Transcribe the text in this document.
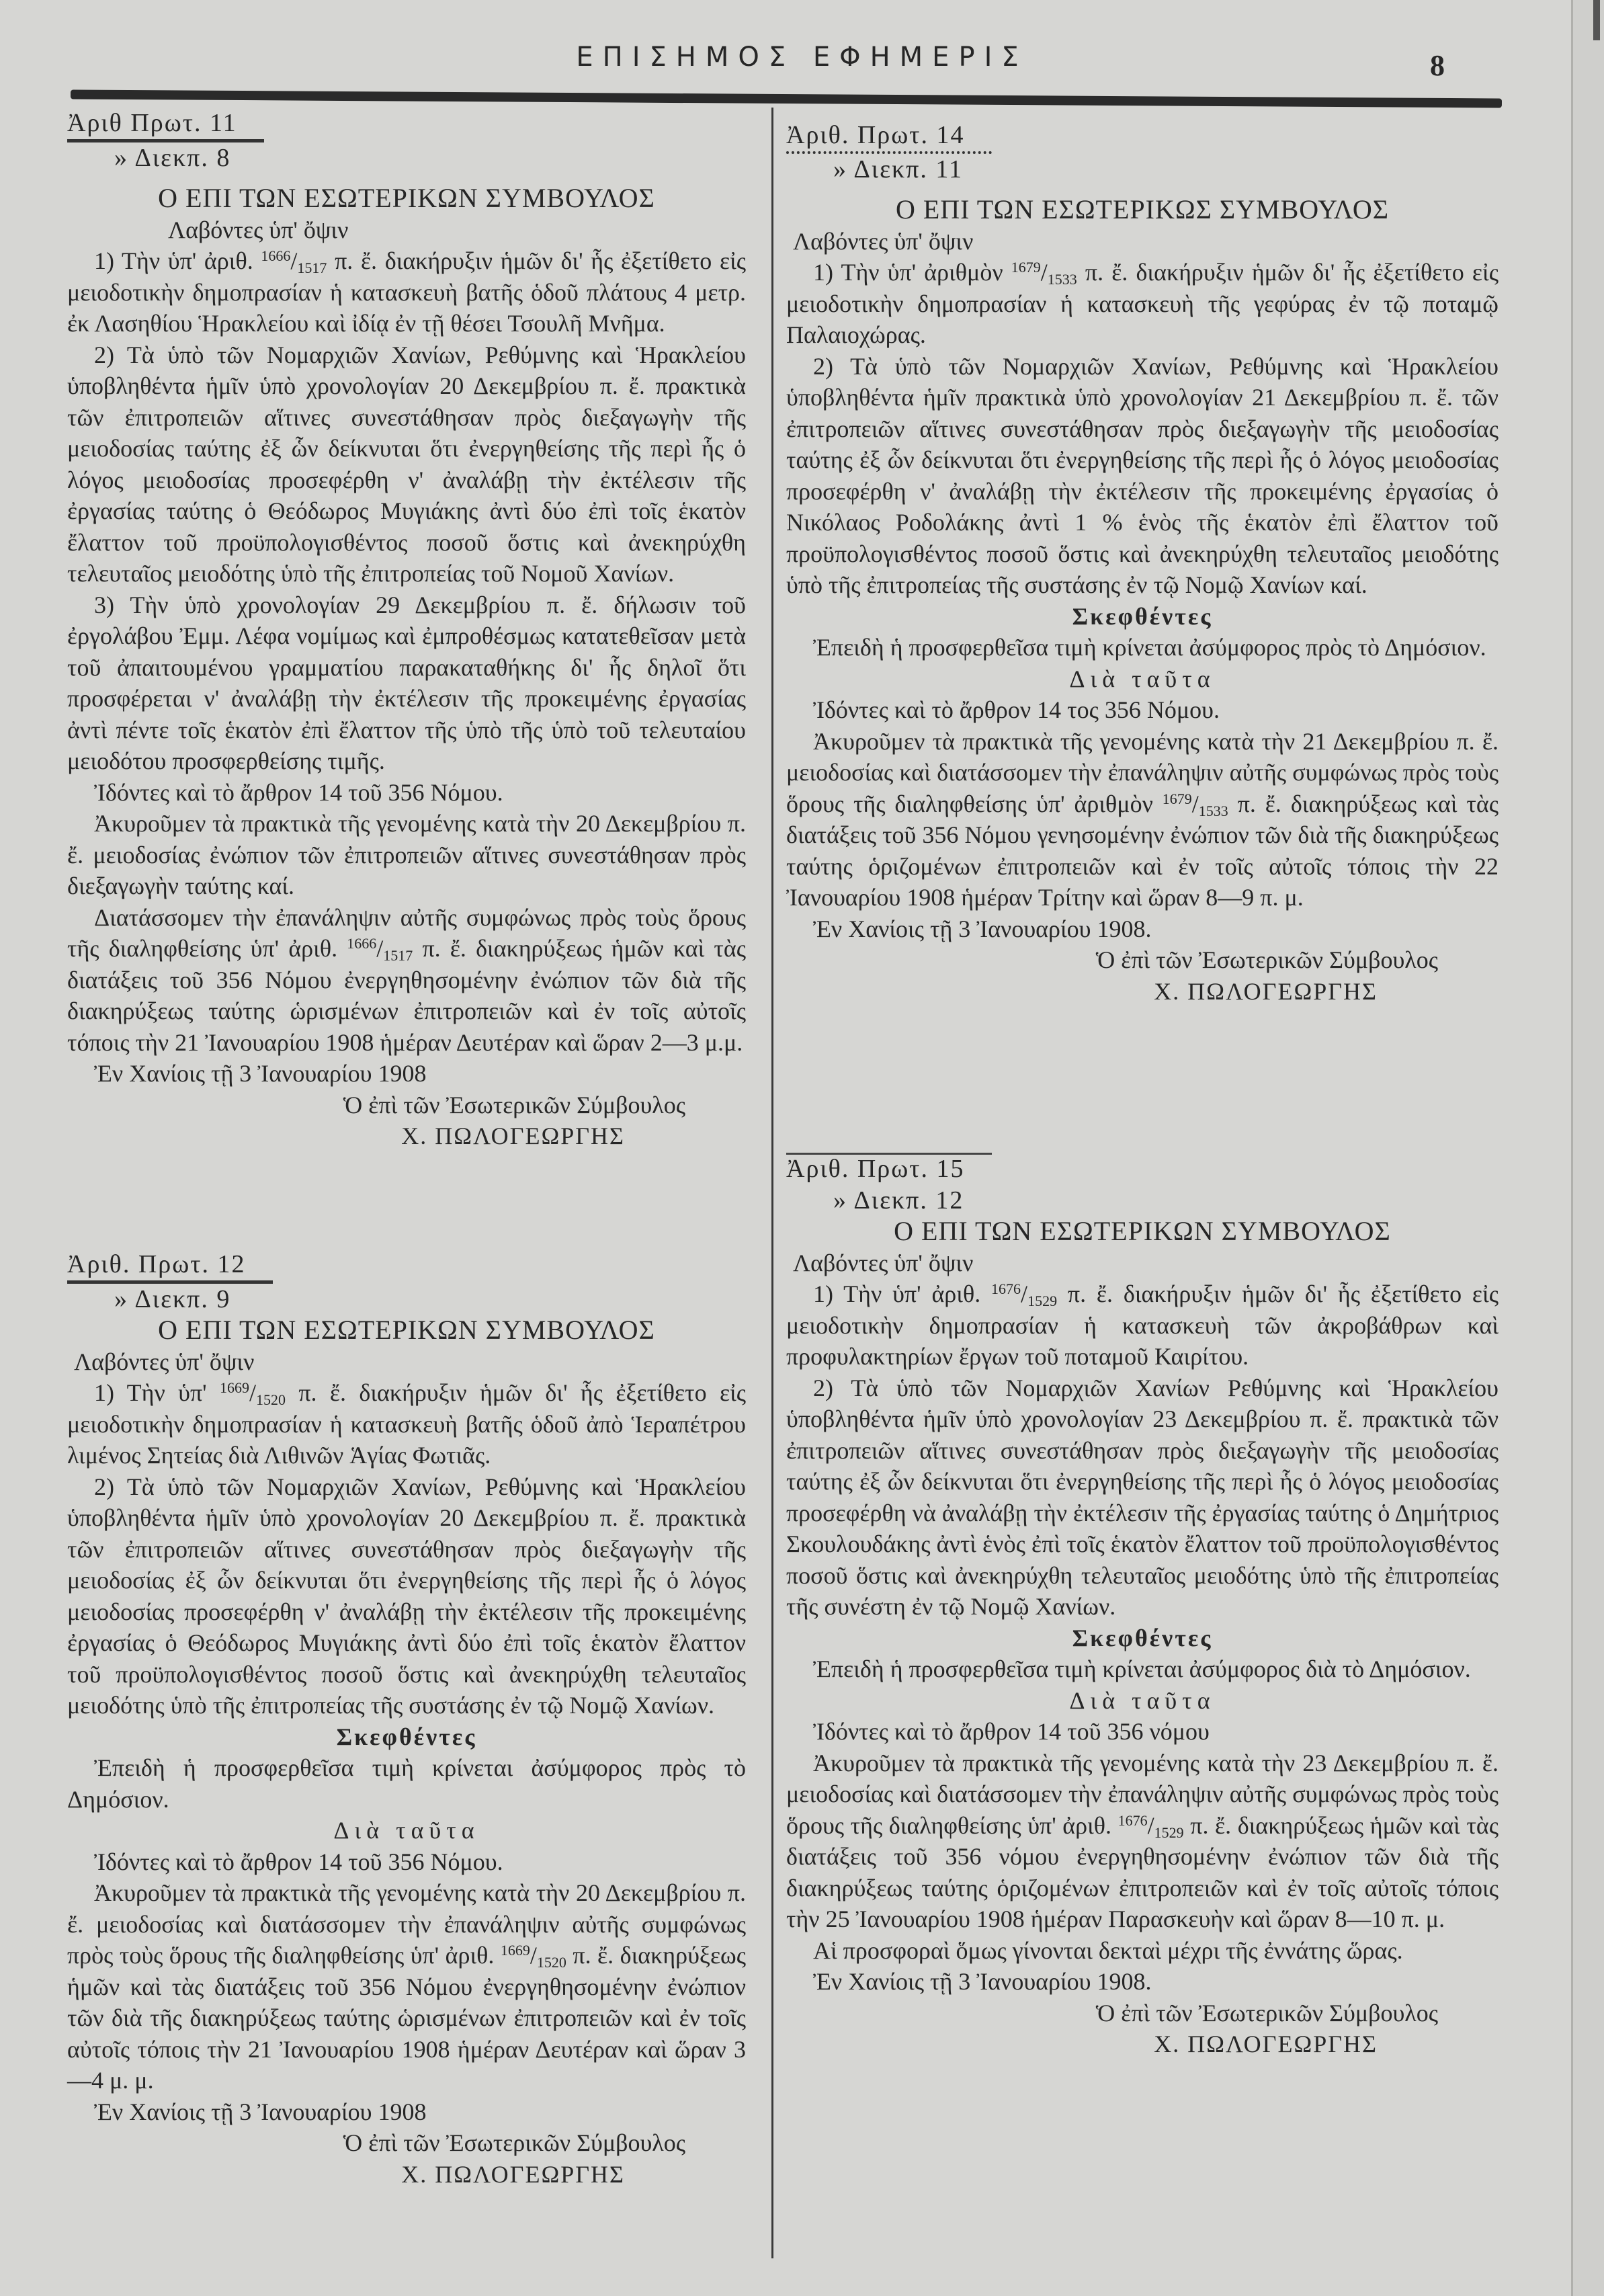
ΕΠΙΣΗΜΟΣ ΕΦΗΜΕΡΙΣ	8
Ἀριθ Πρωτ. 11
» Διεκπ. 8
Ο ΕΠΙ ΤΩΝ ΕΣΩΤΕΡΙΚΩΝ ΣΥΜΒΟΥΛΟΣ
Λαβόντες ὑπ' ὄψιν

1) Τὴν ὑπ' ἀριθ. $^{1666}/_{1517}$ π. ἔ. διακήρυξιν ἡμῶν δι' ἧς ἐξετίθετο εἰς μειοδοτικὴν δημοπρασίαν ἡ κατασκευὴ βατῆς ὁδοῦ πλάτους 4 μετρ. ἐκ Λασηθίου Ἡρακλείου καὶ ἰδίᾳ ἐν τῇ θέσει Τσουλῆ Μνῆμα.

2) Τὰ ὑπὸ τῶν Νομαρχιῶν Χανίων, Ρεθύμνης καὶ Ἡρακλείου ὑποβληθέντα ἡμῖν ὑπὸ χρονολογίαν 20 Δεκεμβρίου π. ἔ. πρακτικὰ τῶν ἐπιτροπειῶν αἵτινες συνεστάθησαν πρὸς διεξαγωγὴν τῆς μειοδοσίας ταύτης ἐξ ὧν δείκνυται ὅτι ἐνεργηθείσης τῆς περὶ ἧς ὁ λόγος μειοδοσίας προσεφέρθη ν' ἀναλάβῃ τὴν ἐκτέλεσιν τῆς ἐργασίας ταύτης ὁ Θεόδωρος Μυγιάκης ἀντὶ δύο ἐπὶ τοῖς ἑκατὸν ἔλαττον τοῦ προϋπολογισθέντος ποσοῦ ὅστις καὶ ἀνεκηρύχθη τελευταῖος μειοδότης ὑπὸ τῆς ἐπιτροπείας τοῦ Νομοῦ Χανίων.

3) Τὴν ὑπὸ χρονολογίαν 29 Δεκεμβρίου π. ἔ. δήλωσιν τοῦ ἐργολάβου Ἐμμ. Λέφα νομίμως καὶ ἐμπροθέσμως κατατεθεῖσαν μετὰ τοῦ ἀπαιτουμένου γραμματίου παρακαταθήκης δι' ἧς δηλοῖ ὅτι προσφέρεται ν' ἀναλάβῃ τὴν ἐκτέλεσιν τῆς προκειμένης ἐργασίας ἀντὶ πέντε τοῖς ἑκατὸν ἐπὶ ἔλαττον τῆς ὑπὸ τῆς ὑπὸ τοῦ τελευταίου μειοδότου προσφερθείσης τιμῆς.

Ἰδόντες καὶ τὸ ἄρθρον 14 τοῦ 356 Νόμου.

Ἀκυροῦμεν τὰ πρακτικὰ τῆς γενομένης κατὰ τὴν 20 Δεκεμβρίου π. ἔ. μειοδοσίας ἐνώπιον τῶν ἐπιτροπειῶν αἵτινες συνεστάθησαν πρὸς διεξαγωγὴν ταύτης καί.

Διατάσσομεν τὴν ἐπανάληψιν αὐτῆς συμφώνως πρὸς τοὺς ὅρους τῆς διαληφθείσης ὑπ' ἀριθ. $^{1666}/_{1517}$ π. ἔ. διακηρύξεως ἡμῶν καὶ τὰς διατάξεις τοῦ 356 Νόμου ἐνεργηθησομένην ἐνώπιον τῶν διὰ τῆς διακηρύξεως ταύτης ὡρισμένων ἐπιτροπειῶν καὶ ἐν τοῖς αὐτοῖς τόποις τὴν 21 Ἰανουαρίου 1908 ἡμέραν Δευτέραν καὶ ὥραν 2—3 μ.μ.

Ἐν Χανίοις τῇ 3 Ἰανουαρίου 1908

Ὁ ἐπὶ τῶν Ἐσωτερικῶν Σύμβουλος

Χ. ΠΩΛΟΓΕΩΡΓΗΣ

Ἀριθ. Πρωτ. 12
» Διεκπ. 9
Ο ΕΠΙ ΤΩΝ ΕΣΩΤΕΡΙΚΩΝ ΣΥΜΒΟΥΛΟΣ
Λαβόντες ὑπ' ὄψιν

1) Τὴν ὑπ' $^{1669}/_{1520}$ π. ἔ. διακήρυξιν ἡμῶν δι' ἧς ἐξετίθετο εἰς μειοδοτικὴν δημοπρασίαν ἡ κατασκευὴ βατῆς ὁδοῦ ἀπὸ Ἱεραπέτρου λιμένος Σητείας διὰ Λιθινῶν Ἁγίας Φωτιᾶς.

2) Τὰ ὑπὸ τῶν Νομαρχιῶν Χανίων, Ρεθύμνης καὶ Ἡρακλείου ὑποβληθέντα ἡμῖν ὑπὸ χρονολογίαν 20 Δεκεμβρίου π. ἔ. πρακτικὰ τῶν ἐπιτροπειῶν αἵτινες συνεστάθησαν πρὸς διεξαγωγὴν τῆς μειοδοσίας ἐξ ὧν δείκνυται ὅτι ἐνεργηθείσης τῆς περὶ ἧς ὁ λόγος μειοδοσίας προσεφέρθη ν' ἀναλάβῃ τὴν ἐκτέλεσιν τῆς προκειμένης ἐργασίας ὁ Θεόδωρος Μυγιάκης ἀντὶ δύο ἐπὶ τοῖς ἑκατὸν ἔλαττον τοῦ προϋπολογισθέντος ποσοῦ ὅστις καὶ ἀνεκηρύχθη τελευταῖος μειοδότης ὑπὸ τῆς ἐπιτροπείας τῆς συστάσης ἐν τῷ Νομῷ Χανίων.

Σκεφθέντες

Ἐπειδὴ ἡ προσφερθεῖσα τιμὴ κρίνεται ἀσύμφορος πρὸς τὸ Δημόσιον.

Διὰ ταῦτα

Ἰδόντες καὶ τὸ ἄρθρον 14 τοῦ 356 Νόμου.

Ἀκυροῦμεν τὰ πρακτικὰ τῆς γενομένης κατὰ τὴν 20 Δεκεμβρίου π. ἔ. μειοδοσίας καὶ διατάσσομεν τὴν ἐπανάληψιν αὐτῆς συμφώνως πρὸς τοὺς ὅρους τῆς διαληφθείσης ὑπ' ἀριθ. $^{1669}/_{1520}$ π. ἔ. διακηρύξεως ἡμῶν καὶ τὰς διατάξεις τοῦ 356 Νόμου ἐνεργηθησομένην ἐνώπιον τῶν διὰ τῆς διακηρύξεως ταύτης ὡρισμένων ἐπιτροπειῶν καὶ ἐν τοῖς αὐτοῖς τόποις τὴν 21 Ἰανουαρίου 1908 ἡμέραν Δευτέραν καὶ ὥραν 3—4 μ. μ.

Ἐν Χανίοις τῇ 3 Ἰανουαρίου 1908

Ὁ ἐπὶ τῶν Ἐσωτερικῶν Σύμβουλος

Χ. ΠΩΛΟΓΕΩΡΓΗΣ

Ἀριθ. Πρωτ. 14
» Διεκπ. 11
Ο ΕΠΙ ΤΩΝ ΕΣΩΤΕΡΙΚΩΣ ΣΥΜΒΟΥΛΟΣ
Λαβόντες ὑπ' ὄψιν

1) Τὴν ὑπ' ἀριθμὸν $^{1679}/_{1533}$ π. ἔ. διακήρυξιν ἡμῶν δι' ἧς ἐξετίθετο εἰς μειοδοτικὴν δημοπρασίαν ἡ κατασκευὴ τῆς γεφύρας ἐν τῷ ποταμῷ Παλαιοχώρας.

2) Τὰ ὑπὸ τῶν Νομαρχιῶν Χανίων, Ρεθύμνης καὶ Ἡρακλείου ὑποβληθέντα ἡμῖν πρακτικὰ ὑπὸ χρονολογίαν 21 Δεκεμβρίου π. ἔ. τῶν ἐπιτροπειῶν αἵτινες συνεστάθησαν πρὸς διεξαγωγὴν τῆς μειοδοσίας ταύτης ἐξ ὧν δείκνυται ὅτι ἐνεργηθείσης τῆς περὶ ἧς ὁ λόγος μειοδοσίας προσεφέρθη ν' ἀναλάβῃ τὴν ἐκτέλεσιν τῆς προκειμένης ἐργασίας ὁ Νικόλαος Ροδολάκης ἀντὶ 1 % ἑνὸς τῆς ἑκατὸν ἐπὶ ἔλαττον τοῦ προϋπολογισθέντος ποσοῦ ὅστις καὶ ἀνεκηρύχθη τελευταῖος μειοδότης ὑπὸ τῆς ἐπιτροπείας τῆς συστάσης ἐν τῷ Νομῷ Χανίων καί.

Σκεφθέντες

Ἐπειδὴ ἡ προσφερθεῖσα τιμὴ κρίνεται ἀσύμφορος πρὸς τὸ Δημόσιον.

Διὰ ταῦτα

Ἰδόντες καὶ τὸ ἄρθρον 14 τος 356 Νόμου.

Ἀκυροῦμεν τὰ πρακτικὰ τῆς γενομένης κατὰ τὴν 21 Δεκεμβρίου π. ἔ. μειοδοσίας καὶ διατάσσομεν τὴν ἐπανάληψιν αὐτῆς συμφώνως πρὸς τοὺς ὅρους τῆς διαληφθείσης ὑπ' ἀριθμὸν $^{1679}/_{1533}$ π. ἔ. διακηρύξεως καὶ τὰς διατάξεις τοῦ 356 Νόμου γενησομένην ἐνώπιον τῶν διὰ τῆς διακηρύξεως ταύτης ὁριζομένων ἐπιτροπειῶν καὶ ἐν τοῖς αὐτοῖς τόποις τὴν 22 Ἰανουαρίου 1908 ἡμέραν Τρίτην καὶ ὥραν 8—9 π. μ.

Ἐν Χανίοις τῇ 3 Ἰανουαρίου 1908.

Ὁ ἐπὶ τῶν Ἐσωτερικῶν Σύμβουλος

Χ. ΠΩΛΟΓΕΩΡΓΗΣ

Ἀριθ. Πρωτ. 15
» Διεκπ. 12
Ο ΕΠΙ ΤΩΝ ΕΣΩΤΕΡΙΚΩΝ ΣΥΜΒΟΥΛΟΣ
Λαβόντες ὑπ' ὄψιν

1) Τὴν ὑπ' ἀριθ. $^{1676}/_{1529}$ π. ἔ. διακήρυξιν ἡμῶν δι' ἧς ἐξετίθετο εἰς μειοδοτικὴν δημοπρασίαν ἡ κατασκευὴ τῶν ἀκροβάθρων καὶ προφυλακτηρίων ἔργων τοῦ ποταμοῦ Καιρίτου.

2) Τὰ ὑπὸ τῶν Νομαρχιῶν Χανίων Ρεθύμνης καὶ Ἡρακλείου ὑποβληθέντα ἡμῖν ὑπὸ χρονολογίαν 23 Δεκεμβρίου π. ἔ. πρακτικὰ τῶν ἐπιτροπειῶν αἵτινες συνεστάθησαν πρὸς διεξαγωγὴν τῆς μειοδοσίας ταύτης ἐξ ὧν δείκνυται ὅτι ἐνεργηθείσης τῆς περὶ ἧς ὁ λόγος μειοδοσίας προσεφέρθη νὰ ἀναλάβῃ τὴν ἐκτέλεσιν τῆς ἐργασίας ταύτης ὁ Δημήτριος Σκουλουδάκης ἀντὶ ἑνὸς ἐπὶ τοῖς ἑκατὸν ἔλαττον τοῦ προϋπολογισθέντος ποσοῦ ὅστις καὶ ἀνεκηρύχθη τελευταῖος μειοδότης ὑπὸ τῆς ἐπιτροπείας τῆς συνέστη ἐν τῷ Νομῷ Χανίων.

Σκεφθέντες

Ἐπειδὴ ἡ προσφερθεῖσα τιμὴ κρίνεται ἀσύμφορος διὰ τὸ Δημόσιον.

Διὰ ταῦτα

Ἰδόντες καὶ τὸ ἄρθρον 14 τοῦ 356 νόμου

Ἀκυροῦμεν τὰ πρακτικὰ τῆς γενομένης κατὰ τὴν 23 Δεκεμβρίου π. ἔ. μειοδοσίας καὶ διατάσσομεν τὴν ἐπανάληψιν αὐτῆς συμφώνως πρὸς τοὺς ὅρους τῆς διαληφθείσης ὑπ' ἀριθ. $^{1676}/_{1529}$ π. ἔ. διακηρύξεως ἡμῶν καὶ τὰς διατάξεις τοῦ 356 νόμου ἐνεργηθησομένην ἐνώπιον τῶν διὰ τῆς διακηρύξεως ταύτης ὁριζομένων ἐπιτροπειῶν καὶ ἐν τοῖς αὐτοῖς τόποις τὴν 25 Ἰανουαρίου 1908 ἡμέραν Παρασκευὴν καὶ ὥραν 8—10 π. μ.

Αἱ προσφοραὶ ὅμως γίνονται δεκταὶ μέχρι τῆς ἐννάτης ὥρας.

Ἐν Χανίοις τῇ 3 Ἰανουαρίου 1908.

Ὁ ἐπὶ τῶν Ἐσωτερικῶν Σύμβουλος

Χ. ΠΩΛΟΓΕΩΡΓΗΣ
